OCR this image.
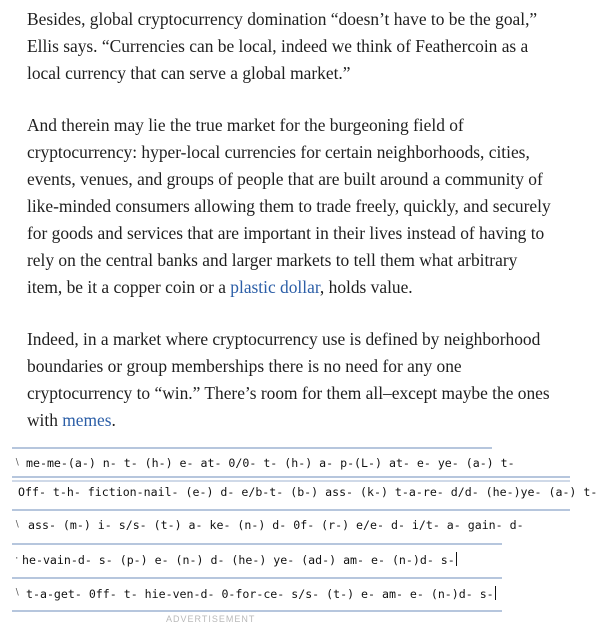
Besides, global cryptocurrency domination “doesn’t have to be the goal,”
Ellis says. “Currencies can be local, indeed we think of Feathercoin as a
local currency that can serve a global market.”

And therein may lie the true market for the burgeoning field of
cryptocurrency: hyper-local currencies for certain neighborhoods, cities,
events, venues, and groups of people that are built around a community of
like-minded consumers allowing them to trade freely, quickly, and securely
for goods and services that are important in their lives instead of having to
rely on the central banks and larger markets to tell them what arbitrary
item, be it a copper coin or a plastic dollar, holds value.

Indeed, in a market where cryptocurrency use is defined by neighborhood
boundaries or group memberships there is no need for any one
cryptocurrency to “win.” There’s room for them all–except maybe the ones
with memes.

∖ me-me-(a-) n- t- (h-) e- at- 0/0- t- (h-) a- p-(L-) at- e- ye- (a-) t-
Off- t-h- fiction-nail- (e-) d- e/b-t- (b-) ass- (k-) t-a-re- d/d- (he-)ye- (a-) t-
∖ ass- (m-) i- s/s- (t-) a- ke- (n-) d- 0f- (r-) e/e- d- i/t- a- gain- d-
· he-vain-d- s- (p-) e- (n-) d- (he-) ye- (ad-) am- e- (n-)d- s-
∖ t-a-get- 0ff- t- hie-ven-d- 0-for-ce- s/s- (t-) e- am- e- (n-)d- s-
ADVERTISEMENT
